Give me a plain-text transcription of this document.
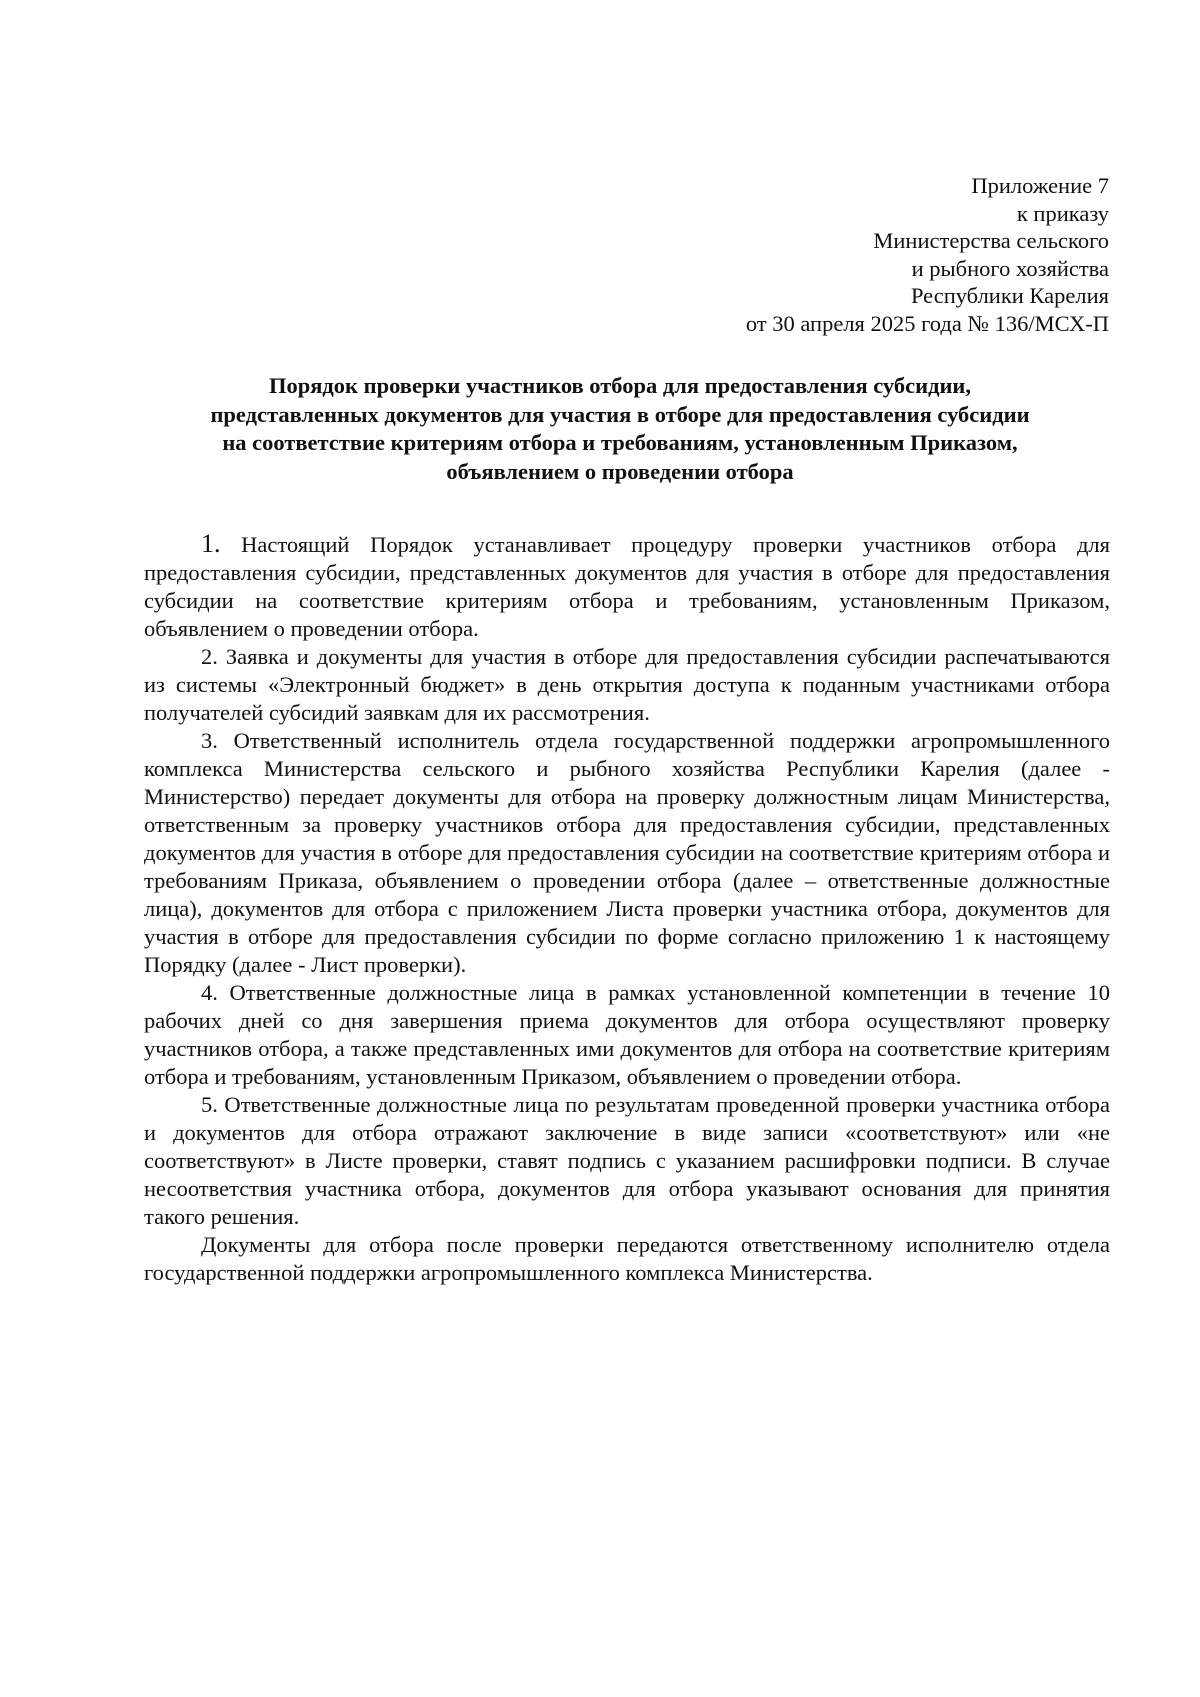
Приложение 7
к приказу
Министерства сельского
и рыбного хозяйства
Республики Карелия
от 30 апреля 2025 года № 136/МСХ-П
Порядок проверки участников отбора для предоставления субсидии,
представленных документов для участия в отборе для предоставления субсидии
на соответствие критериям отбора и требованиям, установленным Приказом,
объявлением о проведении отбора

1. Настоящий Порядок устанавливает процедуру проверки участников отбора для предоставления субсидии, представленных документов для участия в отборе для предоставления субсидии на соответствие критериям отбора и требованиям, установленным Приказом, объявлением о проведении отбора.

2. Заявка и документы для участия в отборе для предоставления субсидии распечатываются из системы «Электронный бюджет» в день открытия доступа к поданным участниками отбора получателей субсидий заявкам для их рассмотрения.

3. Ответственный исполнитель отдела государственной поддержки агропромышленного комплекса Министерства сельского и рыбного хозяйства Республики Карелия (далее - Министерство) передает документы для отбора на проверку должностным лицам Министерства, ответственным за проверку участников отбора для предоставления субсидии, представленных документов для участия в отборе для предоставления субсидии на соответствие критериям отбора и требованиям Приказа, объявлением о проведении отбора (далее – ответственные должностные лица), документов для отбора с приложением Листа проверки участника отбора, документов для участия в отборе для предоставления субсидии по форме согласно приложению 1 к настоящему Порядку (далее - Лист проверки).

4. Ответственные должностные лица в рамках установленной компетенции в течение 10 рабочих дней со дня завершения приема документов для отбора осуществляют проверку участников отбора, а также представленных ими документов для отбора на соответствие критериям отбора и требованиям, установленным Приказом, объявлением о проведении отбора.

5. Ответственные должностные лица по результатам проведенной проверки участника отбора и документов для отбора отражают заключение в виде записи «соответствуют» или «не соответствуют» в Листе проверки, ставят подпись с указанием расшифровки подписи. В случае несоответствия участника отбора, документов для отбора указывают основания для принятия такого решения.

Документы для отбора после проверки передаются ответственному исполнителю отдела государственной поддержки агропромышленного комплекса Министерства.
